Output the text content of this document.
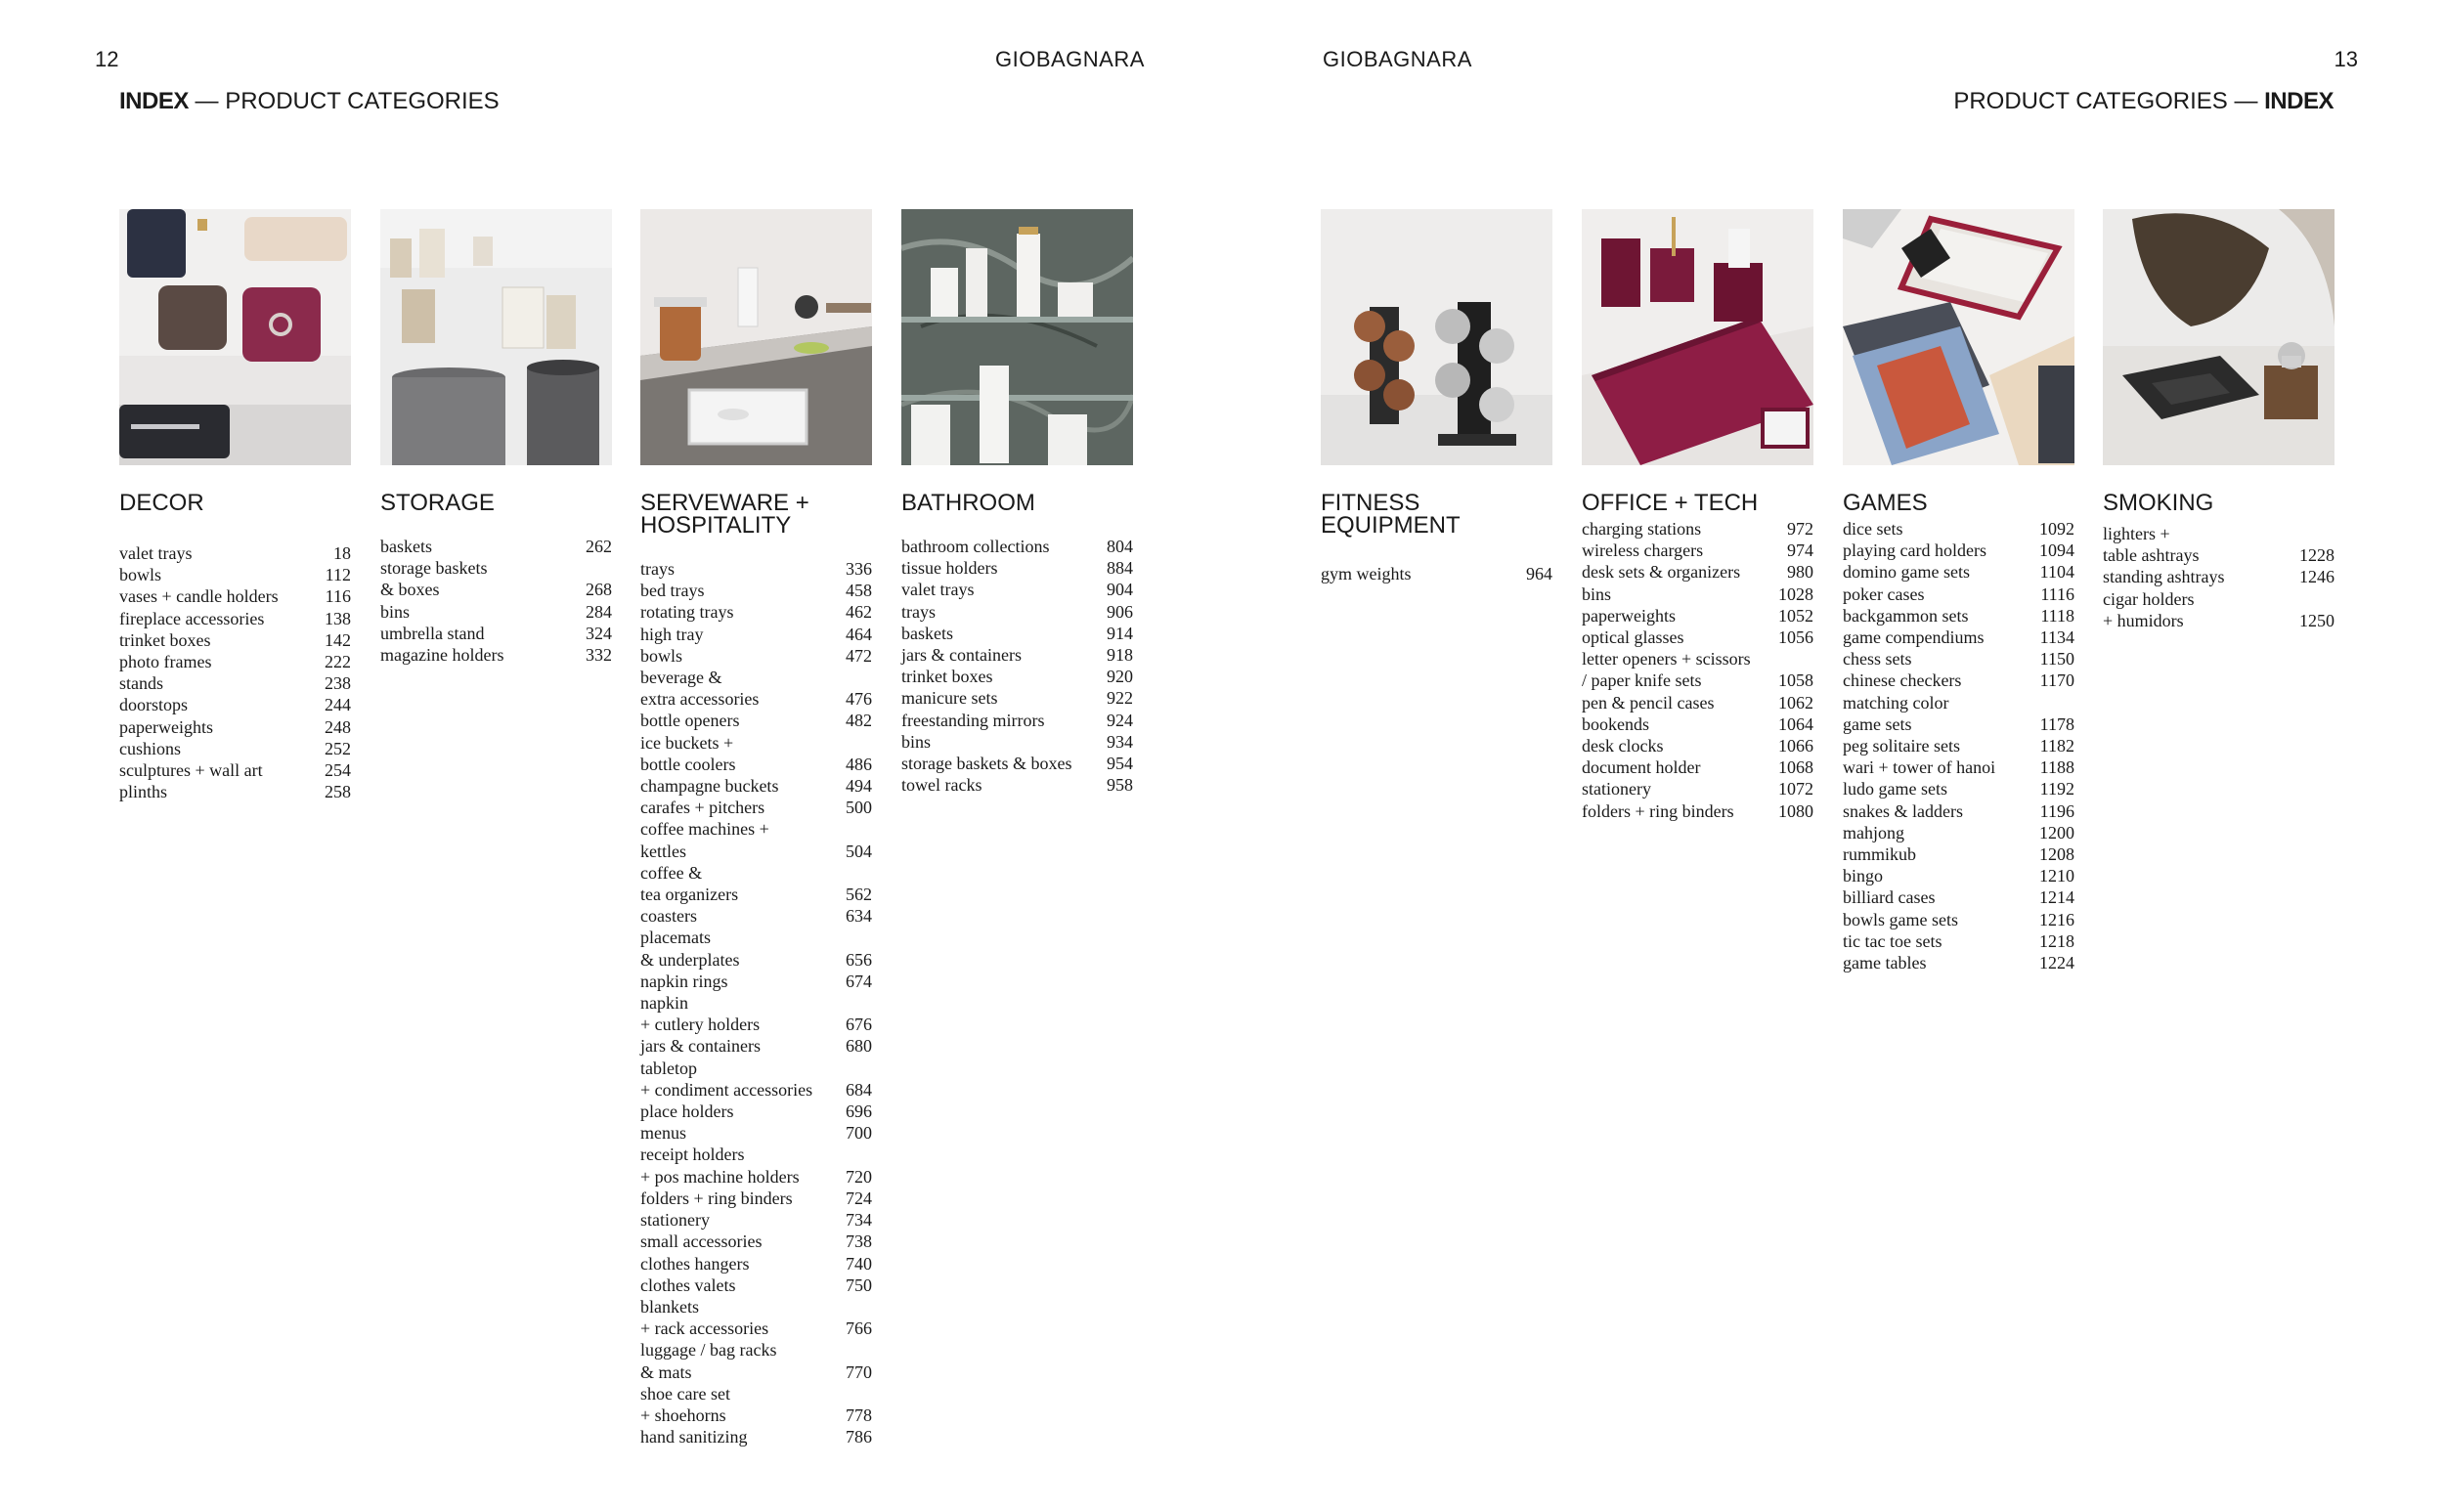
12	GIOBAGNARA
INDEX — PRODUCT CATEGORIES
GIOBAGNARA	13
PRODUCT CATEGORIES — INDEX
DECOR
valet trays	18
bowls	112
vases + candle holders	116
fireplace accessories	138
trinket boxes	142
photo frames	222
stands	238
doorstops	244
paperweights	248
cushions	252
sculptures + wall art	254
plinths	258
STORAGE
baskets	262
storage baskets
& boxes	268
bins	284
umbrella stand	324
magazine holders	332
SERVEWARE + HOSPITALITY
trays	336
bed trays	458
rotating trays	462
high tray	464
bowls	472
beverage &
extra accessories	476
bottle openers	482
ice buckets +
bottle coolers	486
champagne buckets	494
carafes + pitchers	500
coffee machines +
kettles	504
coffee &
tea organizers	562
coasters	634
placemats
& underplates	656
napkin rings	674
napkin
+ cutlery holders	676
jars & containers	680
tabletop
+ condiment accessories 684
place holders	696
menus	700
receipt holders
+ pos machine holders	720
folders + ring binders	724
stationery	734
small accessories	738
clothes hangers	740
clothes valets	750
blankets
+ rack accessories	766
luggage / bag racks
& mats	770
shoe care set
+ shoehorns	778
hand sanitizing	786
BATHROOM
bathroom collections	804
tissue holders	884
valet trays	904
trays	906
baskets	914
jars & containers	918
trinket boxes	920
manicure sets	922
freestanding mirrors	924
bins	934
storage baskets & boxes 954
towel racks	958
FITNESS EQUIPMENT
gym weights	964
OFFICE + TECH
charging stations	972
wireless chargers	974
desk sets & organizers	980
bins	1028
paperweights	1052
optical glasses	1056
letter openers + scissors
/ paper knife sets	1058
pen & pencil cases	1062
bookends	1064
desk clocks	1066
document holder	1068
stationery	1072
folders + ring binders	1080
GAMES
dice sets	1092
playing card holders	1094
domino game sets	1104
poker cases	1116
backgammon sets	1118
game compendiums	1134
chess sets	1150
chinese checkers	1170
matching color
game sets	1178
peg solitaire sets	1182
wari + tower of hanoi	1188
ludo game sets	1192
snakes & ladders	1196
mahjong	1200
rummikub	1208
bingo	1210
billiard cases	1214
bowls game sets	1216
tic tac toe sets	1218
game tables	1224
SMOKING
lighters +
table ashtrays	1228
standing ashtrays	1246
cigar holders
+ humidors	1250
